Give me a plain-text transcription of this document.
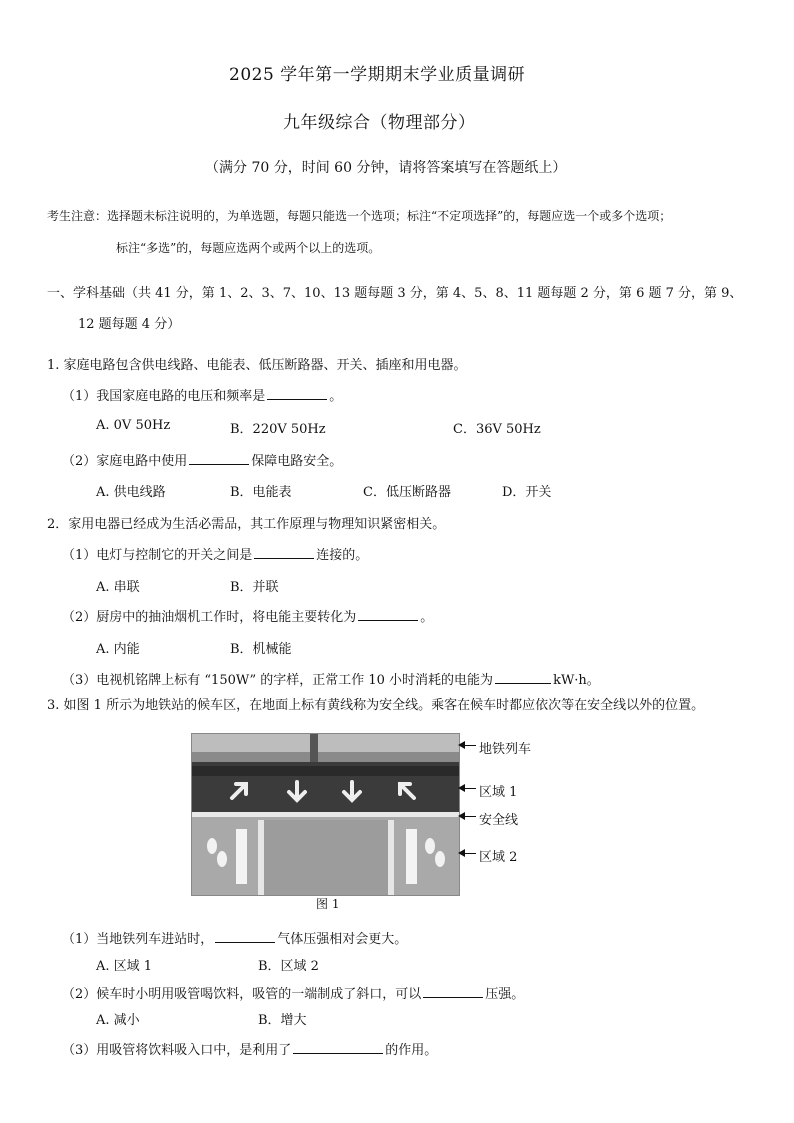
2025 学年第一学期期末学业质量调研
九年级综合（物理部分）
（满分 70 分，时间 60 分钟，请将答案填写在答题纸上）
考生注意：选择题未标注说明的，为单选题，每题只能选一个选项；标注“不定项选择”的，每题应选一个或多个选项；
标注“多选”的，每题应选两个或两个以上的选项。
一、学科基础（共 41 分，第 1、2、3、7、10、13 题每题 3 分，第 4、5、8、11 题每题 2 分，第 6 题 7 分，第 9、
12 题每题 4 分）
1. 家庭电路包含供电线路、电能表、低压断路器、开关、插座和用电器。
（1）我国家庭电路的电压和频率是	。
A. 0V 50Hz	B．220V 50Hz	C．36V 50Hz
（2）家庭电路中使用	保障电路安全。
A. 供电线路	B．电能表	C．低压断路器	D．开关
2．家用电器已经成为生活必需品，其工作原理与物理知识紧密相关。
（1）电灯与控制它的开关之间是	连接的。
A. 串联	B．并联
（2）厨房中的抽油烟机工作时，将电能主要转化为	。
A. 内能	B．机械能
（3）电视机铭牌上标有 “150W” 的字样，正常工作 10 小时消耗的电能为	kW·h。
3. 如图 1 所示为地铁站的候车区，在地面上标有黄线称为安全线。乘客在候车时都应依次等在安全线以外的位置。
图 1
地铁列车
区域 1
安全线
区域 2
（1）当地铁列车进站时，	气体压强相对会更大。
A. 区域 1	B．区域 2
（2）候车时小明用吸管喝饮料，吸管的一端制成了斜口，可以	压强。
A. 减小	B．增大
（3）用吸管将饮料吸入口中，是利用了	的作用。
